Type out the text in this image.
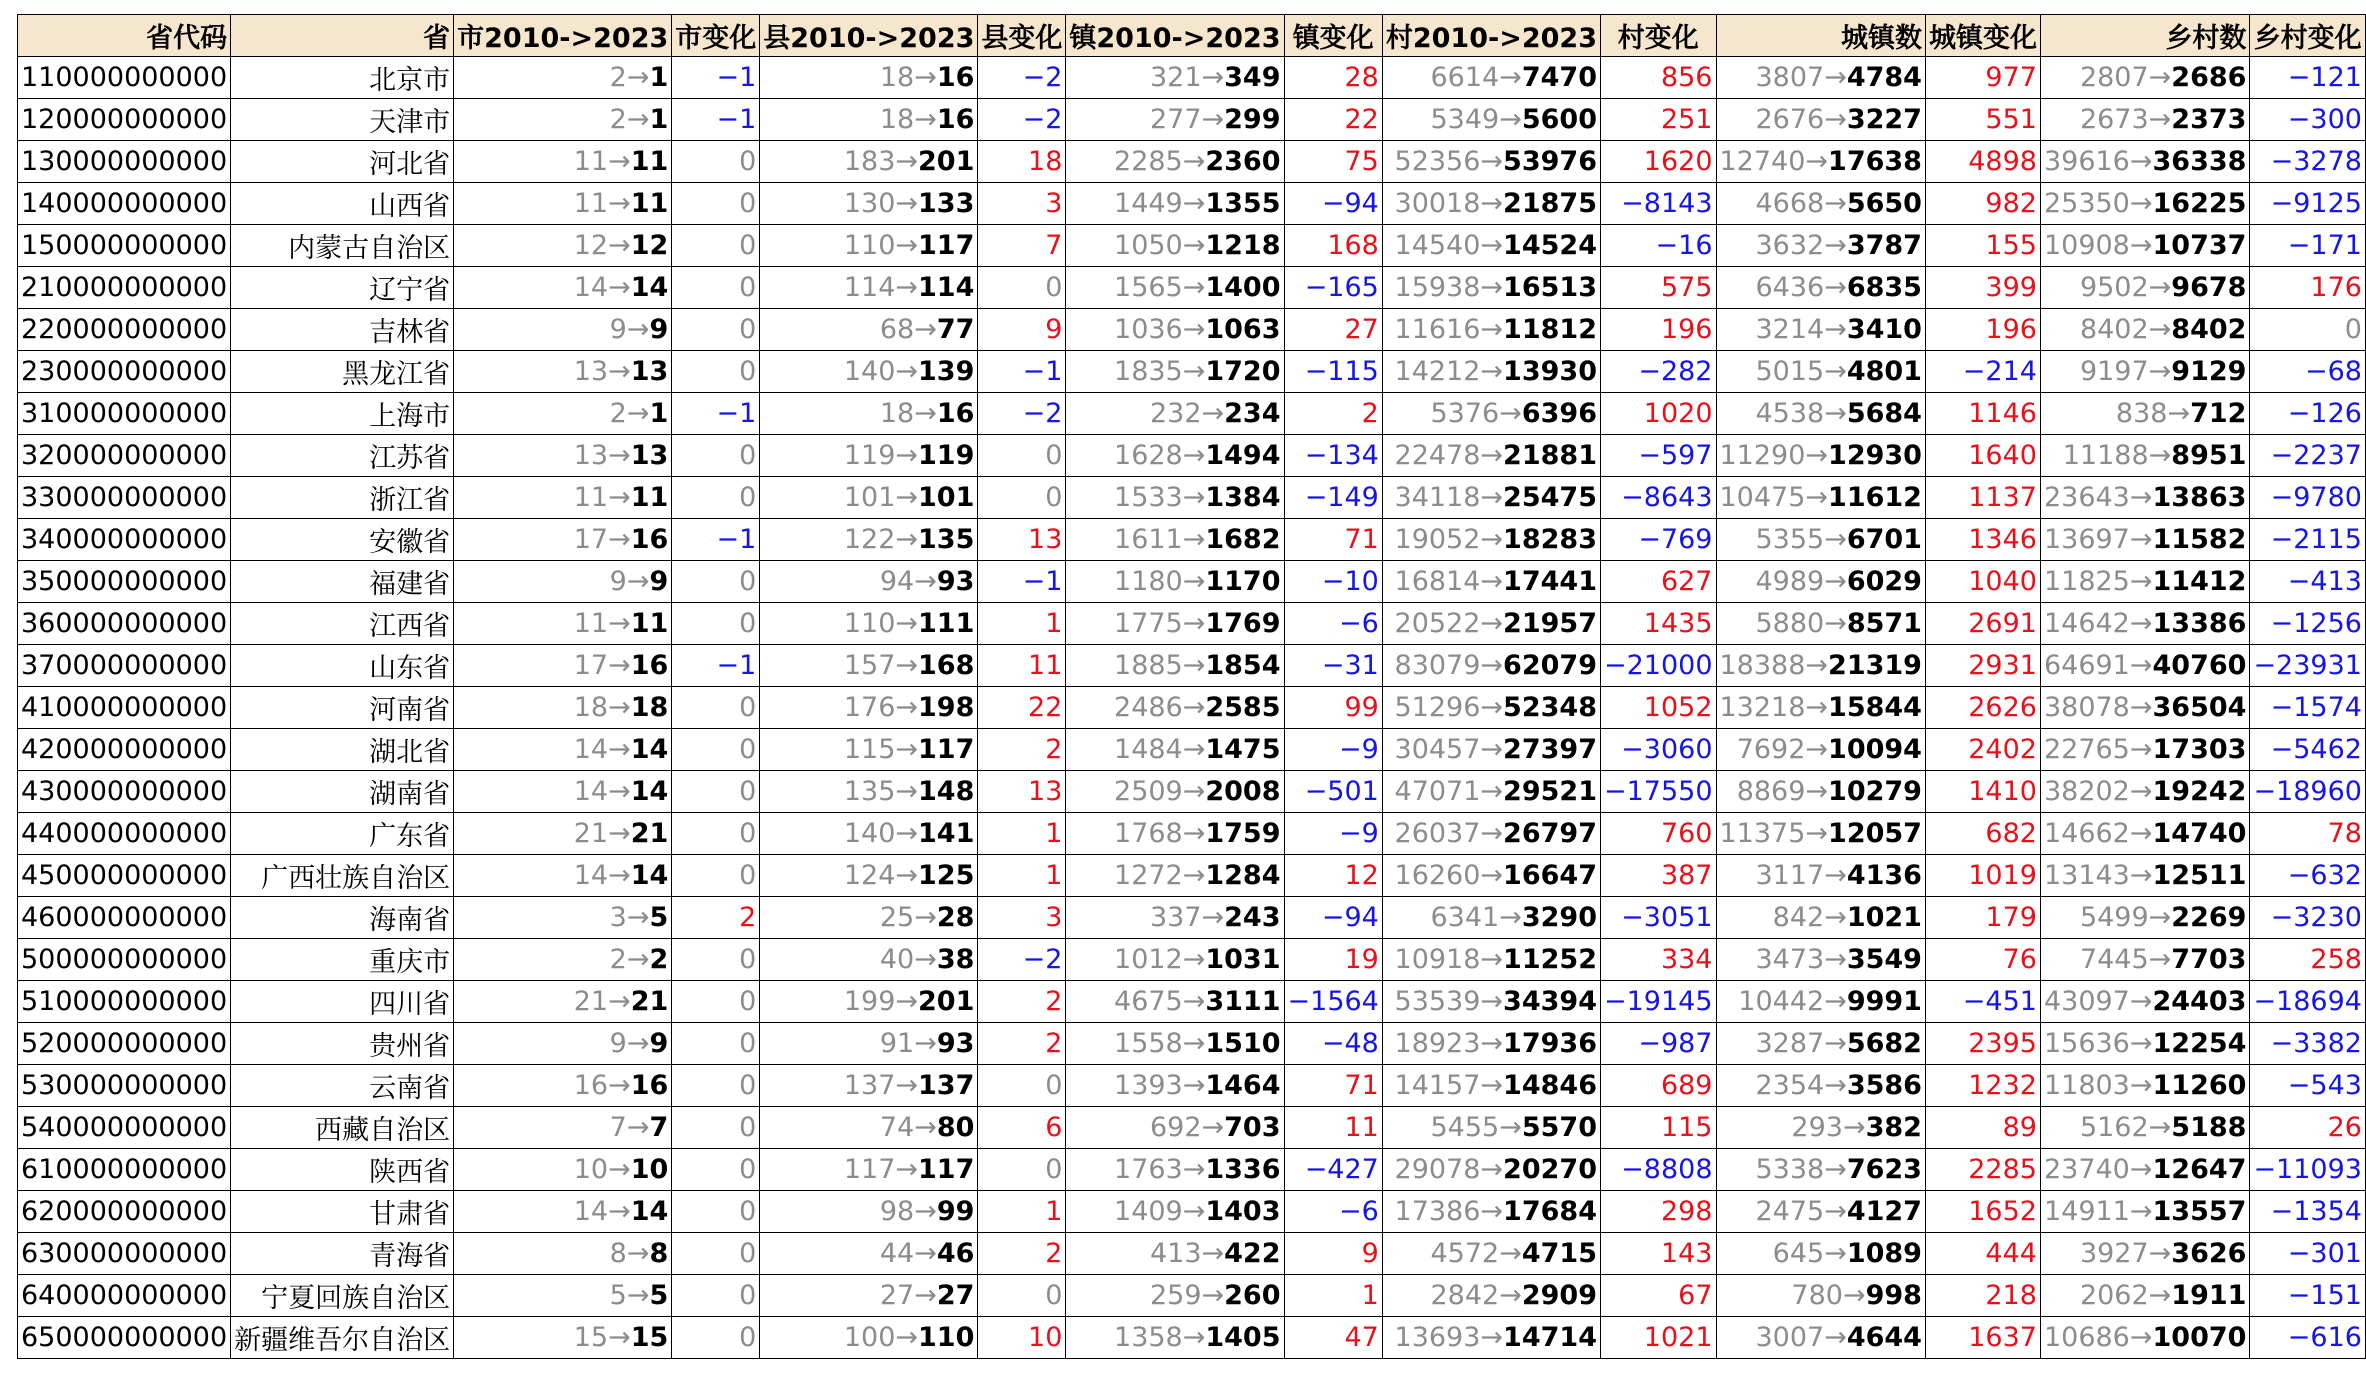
省代码	省	市2010->2023	市变化	县2010->2023	县变化	镇2010->2023	镇变化	村2010->2023	村变化	城镇数	城镇变化	乡村数	乡村变化
110000000000	北京市	2→1	−1	18→16	−2	321→349	28	6614→7470	856	3807→4784	977	2807→2686	−121
120000000000	天津市	2→1	−1	18→16	−2	277→299	22	5349→5600	251	2676→3227	551	2673→2373	−300
130000000000	河北省	11→11	0	183→201	18	2285→2360	75	52356→53976	1620	12740→17638	4898	39616→36338	−3278
140000000000	山西省	11→11	0	130→133	3	1449→1355	−94	30018→21875	−8143	4668→5650	982	25350→16225	−9125
150000000000	内蒙古自治区	12→12	0	110→117	7	1050→1218	168	14540→14524	−16	3632→3787	155	10908→10737	−171
210000000000	辽宁省	14→14	0	114→114	0	1565→1400	−165	15938→16513	575	6436→6835	399	9502→9678	176
220000000000	吉林省	9→9	0	68→77	9	1036→1063	27	11616→11812	196	3214→3410	196	8402→8402	0
230000000000	黑龙江省	13→13	0	140→139	−1	1835→1720	−115	14212→13930	−282	5015→4801	−214	9197→9129	−68
310000000000	上海市	2→1	−1	18→16	−2	232→234	2	5376→6396	1020	4538→5684	1146	838→712	−126
320000000000	江苏省	13→13	0	119→119	0	1628→1494	−134	22478→21881	−597	11290→12930	1640	11188→8951	−2237
330000000000	浙江省	11→11	0	101→101	0	1533→1384	−149	34118→25475	−8643	10475→11612	1137	23643→13863	−9780
340000000000	安徽省	17→16	−1	122→135	13	1611→1682	71	19052→18283	−769	5355→6701	1346	13697→11582	−2115
350000000000	福建省	9→9	0	94→93	−1	1180→1170	−10	16814→17441	627	4989→6029	1040	11825→11412	−413
360000000000	江西省	11→11	0	110→111	1	1775→1769	−6	20522→21957	1435	5880→8571	2691	14642→13386	−1256
370000000000	山东省	17→16	−1	157→168	11	1885→1854	−31	83079→62079	−21000	18388→21319	2931	64691→40760	−23931
410000000000	河南省	18→18	0	176→198	22	2486→2585	99	51296→52348	1052	13218→15844	2626	38078→36504	−1574
420000000000	湖北省	14→14	0	115→117	2	1484→1475	−9	30457→27397	−3060	7692→10094	2402	22765→17303	−5462
430000000000	湖南省	14→14	0	135→148	13	2509→2008	−501	47071→29521	−17550	8869→10279	1410	38202→19242	−18960
440000000000	广东省	21→21	0	140→141	1	1768→1759	−9	26037→26797	760	11375→12057	682	14662→14740	78
450000000000	广西壮族自治区	14→14	0	124→125	1	1272→1284	12	16260→16647	387	3117→4136	1019	13143→12511	−632
460000000000	海南省	3→5	2	25→28	3	337→243	−94	6341→3290	−3051	842→1021	179	5499→2269	−3230
500000000000	重庆市	2→2	0	40→38	−2	1012→1031	19	10918→11252	334	3473→3549	76	7445→7703	258
510000000000	四川省	21→21	0	199→201	2	4675→3111	−1564	53539→34394	−19145	10442→9991	−451	43097→24403	−18694
520000000000	贵州省	9→9	0	91→93	2	1558→1510	−48	18923→17936	−987	3287→5682	2395	15636→12254	−3382
530000000000	云南省	16→16	0	137→137	0	1393→1464	71	14157→14846	689	2354→3586	1232	11803→11260	−543
540000000000	西藏自治区	7→7	0	74→80	6	692→703	11	5455→5570	115	293→382	89	5162→5188	26
610000000000	陕西省	10→10	0	117→117	0	1763→1336	−427	29078→20270	−8808	5338→7623	2285	23740→12647	−11093
620000000000	甘肃省	14→14	0	98→99	1	1409→1403	−6	17386→17684	298	2475→4127	1652	14911→13557	−1354
630000000000	青海省	8→8	0	44→46	2	413→422	9	4572→4715	143	645→1089	444	3927→3626	−301
640000000000	宁夏回族自治区	5→5	0	27→27	0	259→260	1	2842→2909	67	780→998	218	2062→1911	−151
650000000000	新疆维吾尔自治区	15→15	0	100→110	10	1358→1405	47	13693→14714	1021	3007→4644	1637	10686→10070	−616
